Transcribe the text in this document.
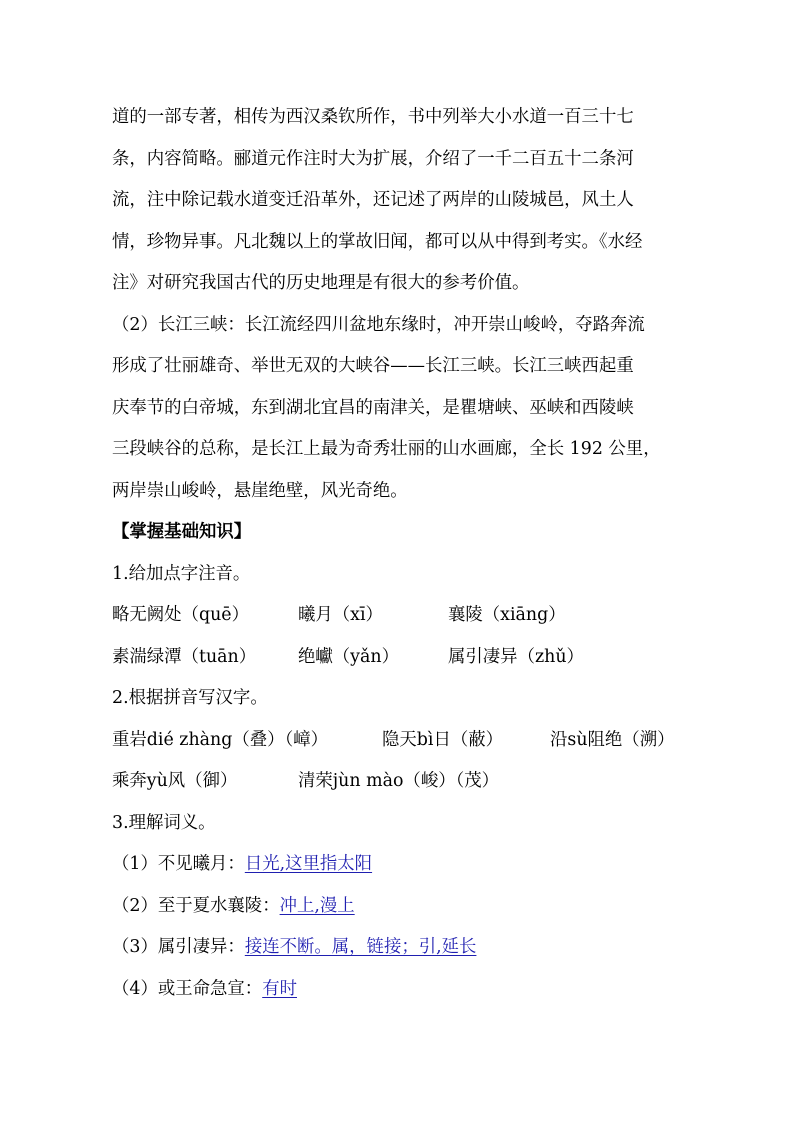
道的一部专著，相传为西汉桑钦所作，书中列举大小水道一百三十七
条，内容简略。郦道元作注时大为扩展，介绍了一千二百五十二条河
流，注中除记载水道变迁沿革外，还记述了两岸的山陵城邑，风土人
情，珍物异事。凡北魏以上的掌故旧闻，都可以从中得到考实。《水经
注》对研究我国古代的历史地理是有很大的参考价值。
（2）长江三峡：长江流经四川盆地东缘时，冲开崇山峻岭，夺路奔流
形成了壮丽雄奇、举世无双的大峡谷——长江三峡。长江三峡西起重
庆奉节的白帝城，东到湖北宜昌的南津关，是瞿塘峡、巫峡和西陵峡
三段峡谷的总称，是长江上最为奇秀壮丽的山水画廊，全长 192 公里，
两岸崇山峻岭，悬崖绝壁，风光奇绝。
【掌握基础知识】
1.给加点字注音。
略无阙处（quē）	曦月（xī）	襄陵（xiāng）
素湍绿潭（tuān）	绝巘（yǎn）	属引凄异（zhǔ）
2.根据拼音写汉字。
重岩dié zhàng（叠）（嶂）	隐天bì日（蔽）	沿sù阻绝（溯）
乘奔yù风（御）	清荣jùn mào（峻）（茂）
3.理解词义。
（1）不见曦月：日光,这里指太阳
（2）至于夏水襄陵：冲上,漫上
（3）属引凄异：接连不断。属，链接；引,延长
（4）或王命急宣：有时
